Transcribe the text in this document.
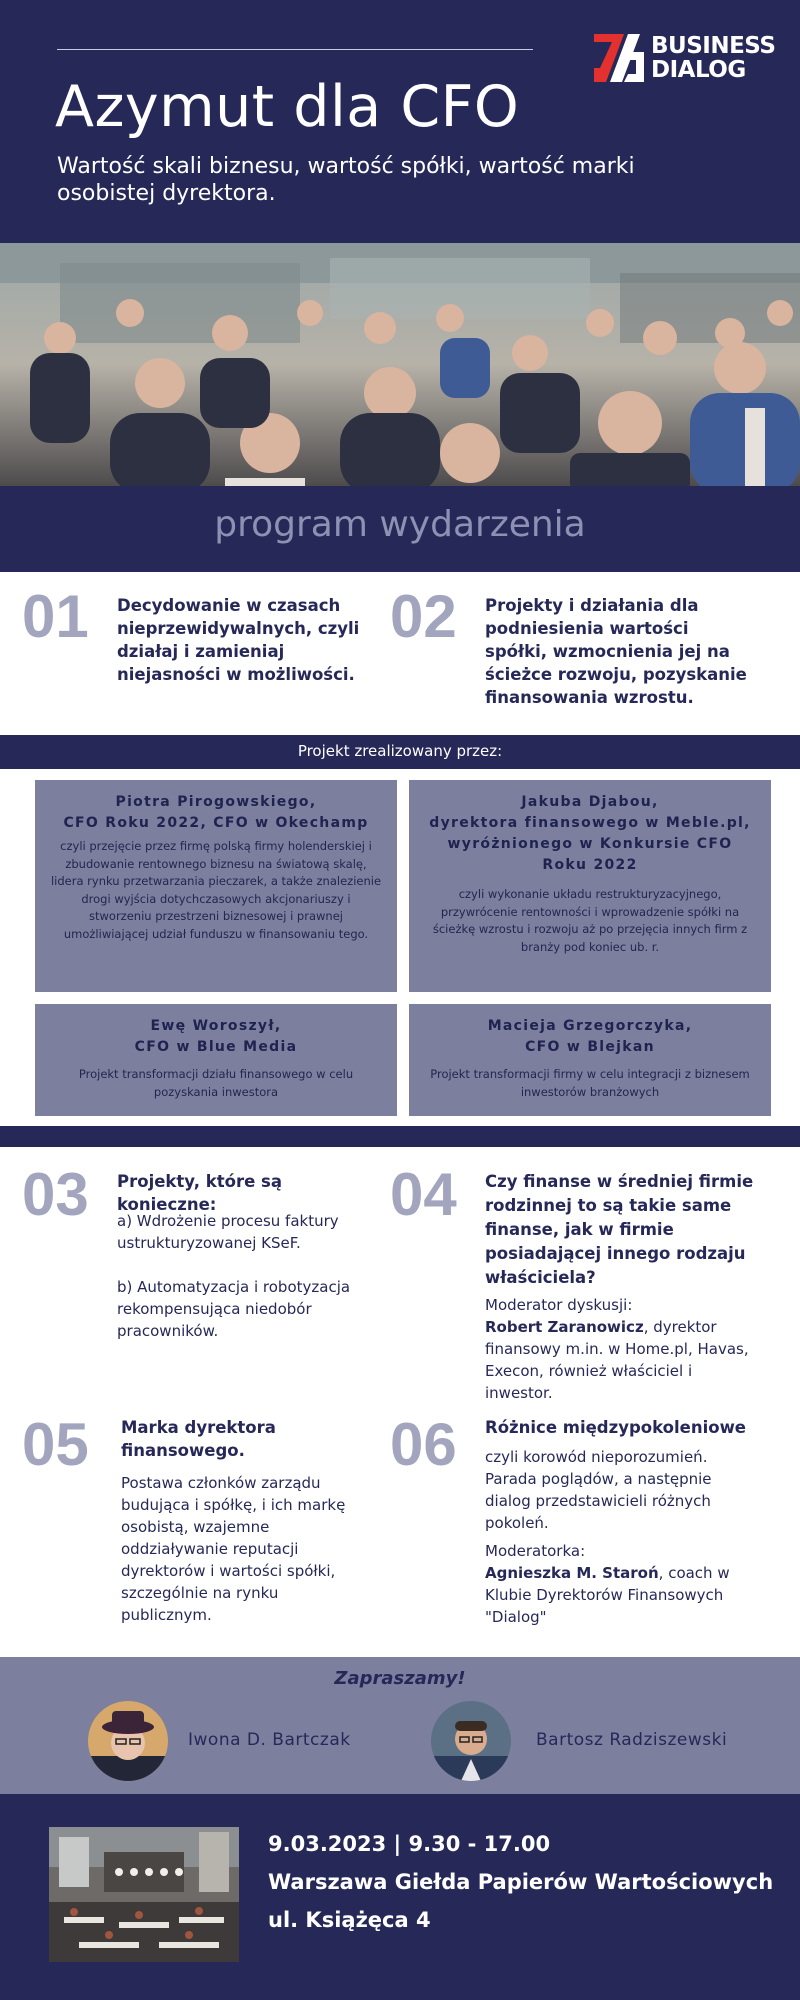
Azymut dla CFO
Wartość skali biznesu, wartość spółki, wartość marki osobistej dyrektora.
BUSINESS
DIALOG
program wydarzenia
01 Decydowanie w czasach nieprzewidywalnych, czyli działaj i zamieniaj niejasności w możliwości.
02 Projekty i działania dla podniesienia wartości spółki, wzmocnienia jej na ścieżce rozwoju, pozyskanie finansowania wzrostu.
Projekt zrealizowany przez:
Piotra Pirogowskiego,
CFO Roku 2022, CFO w Okechamp
czyli przejęcie przez firmę polską firmy holenderskiej i zbudowanie rentownego biznesu na światową skalę, lidera rynku przetwarzania pieczarek, a także znalezienie drogi wyjścia dotychczasowych akcjonariuszy i stworzeniu przestrzeni biznesowej i prawnej umożliwiającej udział funduszu w finansowaniu tego.
Jakuba Djabou,
dyrektora finansowego w Meble.pl, wyróżnionego w Konkursie CFO Roku 2022
czyli wykonanie układu restrukturyzacyjnego, przywrócenie rentowności i wprowadzenie spółki na ścieżkę wzrostu i rozwoju aż po przejęcia innych firm z branży pod koniec ub. r.
Ewę Woroszył,
CFO w Blue Media
Projekt transformacji działu finansowego w celu pozyskania inwestora
Macieja Grzegorczyka,
CFO w Blejkan
Projekt transformacji firmy w celu integracji z biznesem inwestorów branżowych
03 Projekty, które są konieczne:
a) Wdrożenie procesu faktury ustrukturyzowanej KSeF.
b) Automatyzacja i robotyzacja rekompensująca niedobór pracowników.
04 Czy finanse w średniej firmie rodzinnej to są takie same finanse, jak w firmie posiadającej innego rodzaju właściciela?
Moderator dyskusji:
Robert Zaranowicz, dyrektor finansowy m.in. w Home.pl, Havas, Execon, również właściciel i inwestor.
05 Marka dyrektora finansowego.
Postawa członków zarządu budująca i spółkę, i ich markę osobistą, wzajemne oddziaływanie reputacji dyrektorów i wartości spółki, szczególnie na rynku publicznym.
06 Różnice międzypokoleniowe
czyli korowód nieporozumień. Parada poglądów, a następnie dialog przedstawicieli różnych pokoleń.
Moderatorka:
Agnieszka M. Staroń, coach w Klubie Dyrektorów Finansowych "Dialog"
Zapraszamy!
Iwona D. Bartczak	Bartosz Radziszewski
9.03.2023 | 9.30 - 17.00
Warszawa Giełda Papierów Wartościowych
ul. Książęca 4
